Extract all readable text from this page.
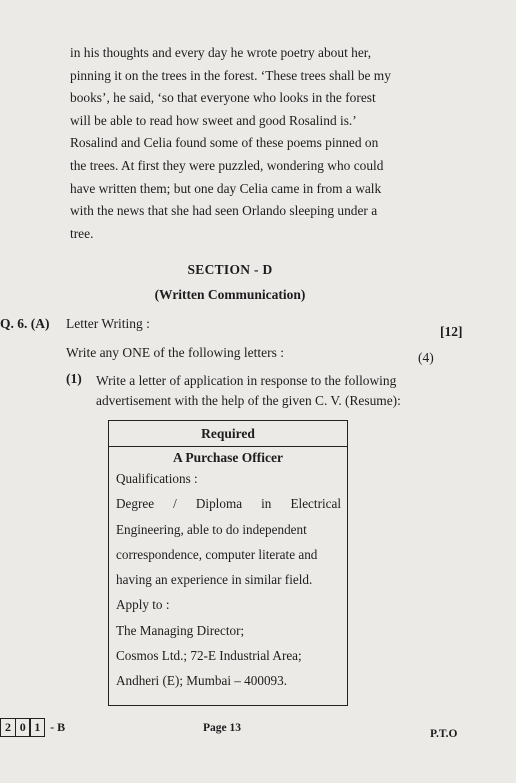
in his thoughts and every day he wrote poetry about her,
pinning it on the trees in the forest. ‘These trees shall be my
books’, he said, ‘so that everyone who looks in the forest
will be able to read how sweet and good Rosalind is.’
Rosalind and Celia found some of these poems pinned on
the trees. At first they were puzzled, wondering who could
have written them; but one day Celia came in from a walk
with the news that she had seen Orlando sleeping under a
tree.
SECTION - D
(Written Communication)
Q. 6. (A) Letter Writing :
[12]
Write any ONE of the following letters :	(4)
(1) Write a letter of application in response to the following
advertisement with the help of the given C. V. (Resume):
Required
A Purchase Officer
Qualifications :
Degree / Diploma in Electrical
Engineering, able to do independent
correspondence, computer literate and
having an experience in similar field.
Apply to :
The Managing Director;
Cosmos Ltd.; 72-E Industrial Area;
Andheri (E); Mumbai – 400093.
2 0 1 - B	Page 13	P.T.O
